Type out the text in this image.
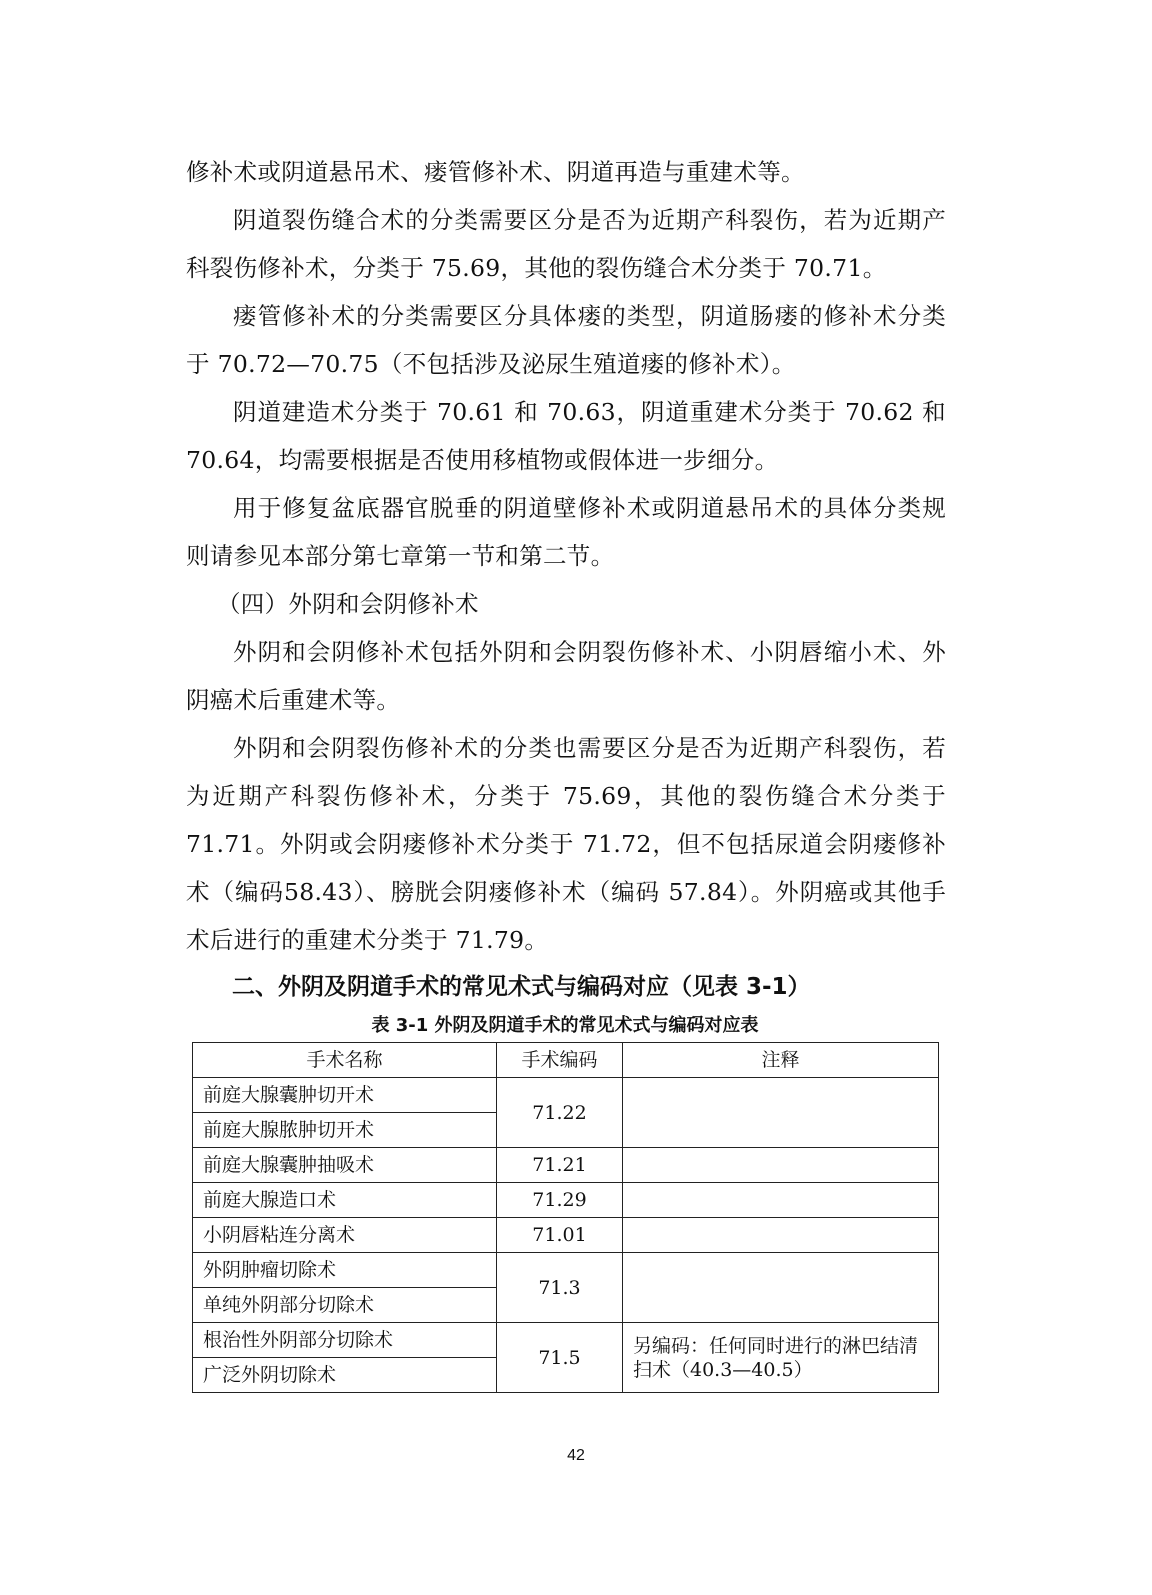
修补术或阴道悬吊术、瘘管修补术、阴道再造与重建术等。

阴道裂伤缝合术的分类需要区分是否为近期产科裂伤，若为近期产科裂伤修补术，分类于 75.69，其他的裂伤缝合术分类于 70.71。

瘘管修补术的分类需要区分具体瘘的类型，阴道肠瘘的修补术分类于 70.72—70.75（不包括涉及泌尿生殖道瘘的修补术）。

阴道建造术分类于 70.61 和 70.63，阴道重建术分类于 70.62 和 70.64，均需要根据是否使用移植物或假体进一步细分。

用于修复盆底器官脱垂的阴道壁修补术或阴道悬吊术的具体分类规则请参见本部分第七章第一节和第二节。

（四）外阴和会阴修补术

外阴和会阴修补术包括外阴和会阴裂伤修补术、小阴唇缩小术、外阴癌术后重建术等。

外阴和会阴裂伤修补术的分类也需要区分是否为近期产科裂伤，若为近期产科裂伤修补术，分类于 75.69，其他的裂伤缝合术分类于 71.71。外阴或会阴瘘修补术分类于 71.72，但不包括尿道会阴瘘修补术（编码58.43）、膀胱会阴瘘修补术（编码 57.84）。外阴癌或其他手术后进行的重建术分类于 71.79。

二、外阴及阴道手术的常见术式与编码对应（见表 3-1）

表 3-1 外阴及阴道手术的常见术式与编码对应表

手术名称	手术编码	注释
前庭大腺囊肿切开术	71.22	
前庭大腺脓肿切开术		
前庭大腺囊肿抽吸术	71.21	
前庭大腺造口术	71.29	
小阴唇粘连分离术	71.01	
外阴肿瘤切除术	71.3	
单纯外阴部分切除术		
根治性外阴部分切除术	71.5	另编码：任何同时进行的淋巴结清扫术（40.3—40.5）
广泛外阴切除术		

42
